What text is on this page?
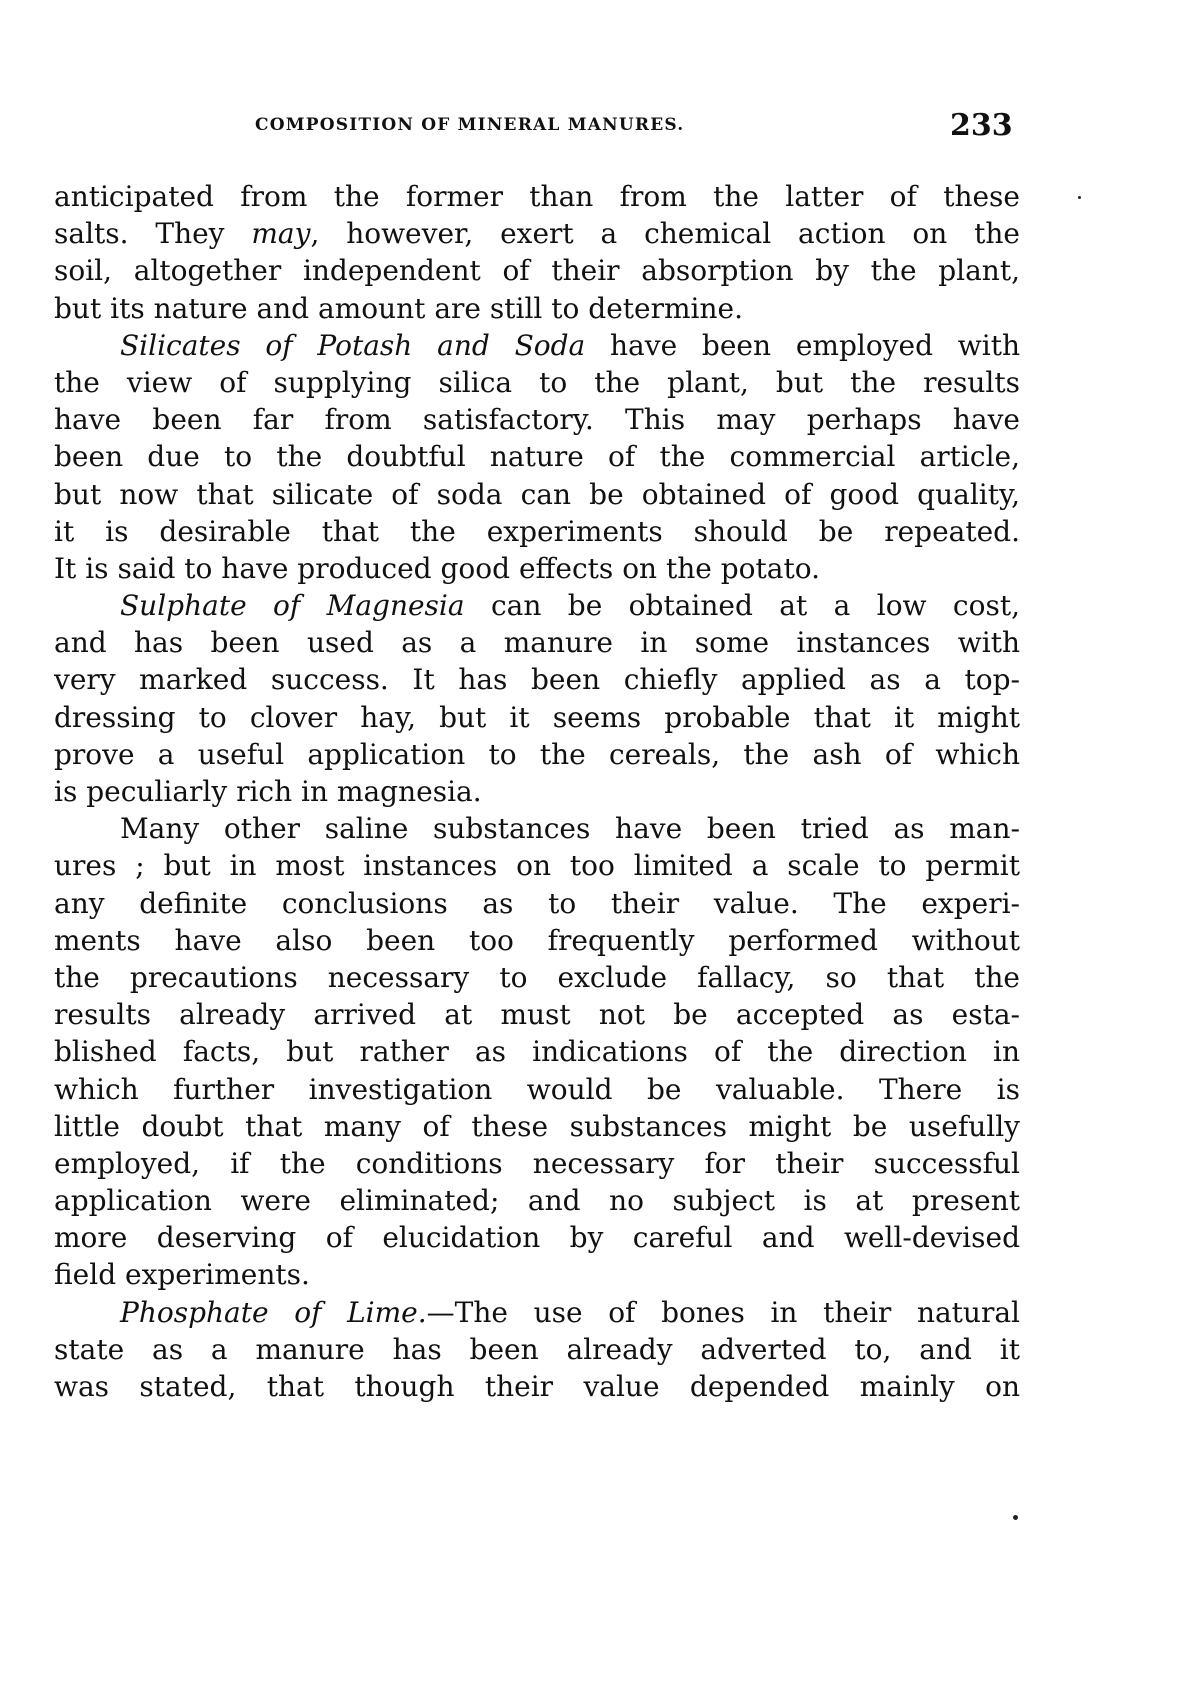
COMPOSITION OF MINERAL MANURES.	233
anticipated from the former than from the latter of these
salts. They may, however, exert a chemical action on the
soil, altogether independent of their absorption by the plant,
but its nature and amount are still to determine.
Silicates of Potash and Soda have been employed with
the view of supplying silica to the plant, but the results
have been far from satisfactory. This may perhaps have
been due to the doubtful nature of the commercial article,
but now that silicate of soda can be obtained of good quality,
it is desirable that the experiments should be repeated.
It is said to have produced good effects on the potato.
Sulphate of Magnesia can be obtained at a low cost,
and has been used as a manure in some instances with
very marked success. It has been chiefly applied as a top-
dressing to clover hay, but it seems probable that it might
prove a useful application to the cereals, the ash of which
is peculiarly rich in magnesia.
Many other saline substances have been tried as man-
ures ; but in most instances on too limited a scale to permit
any definite conclusions as to their value. The experi-
ments have also been too frequently performed without
the precautions necessary to exclude fallacy, so that the
results already arrived at must not be accepted as esta-
blished facts, but rather as indications of the direction in
which further investigation would be valuable. There is
little doubt that many of these substances might be usefully
employed, if the conditions necessary for their successful
application were eliminated; and no subject is at present
more deserving of elucidation by careful and well-devised
field experiments.
Phosphate of Lime.—The use of bones in their natural
state as a manure has been already adverted to, and it
was stated, that though their value depended mainly on
